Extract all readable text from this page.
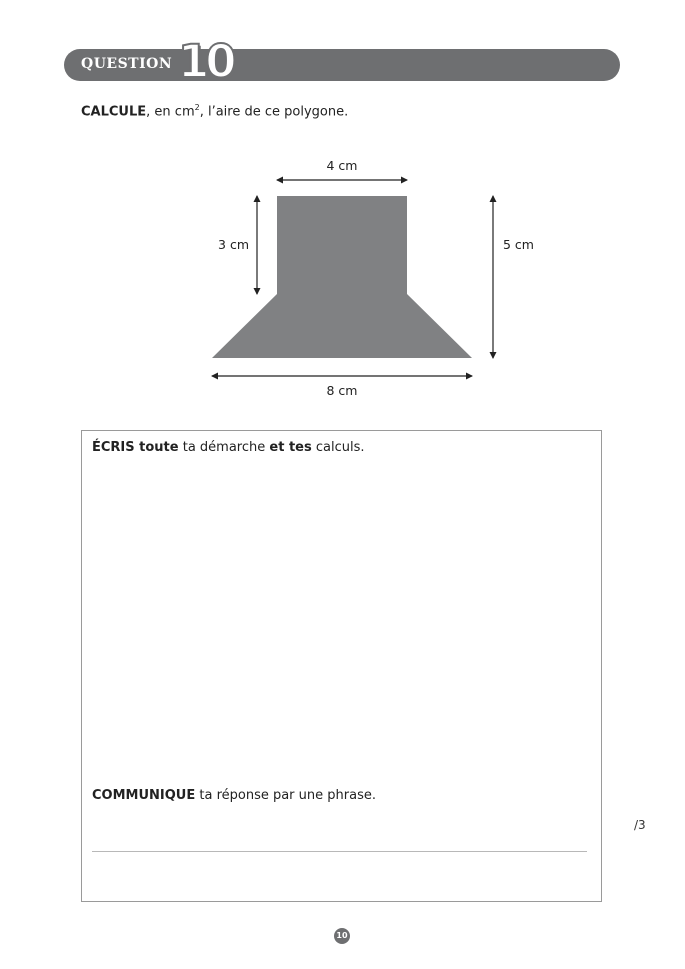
QUESTION 10
CALCULE, en $cm^2$, l’aire de ce polygone.
4 cm
3 cm	5 cm
8 cm
ÉCRIS toute ta démarche et tes calculs.
COMMUNIQUE ta réponse par une phrase.
/3
10
